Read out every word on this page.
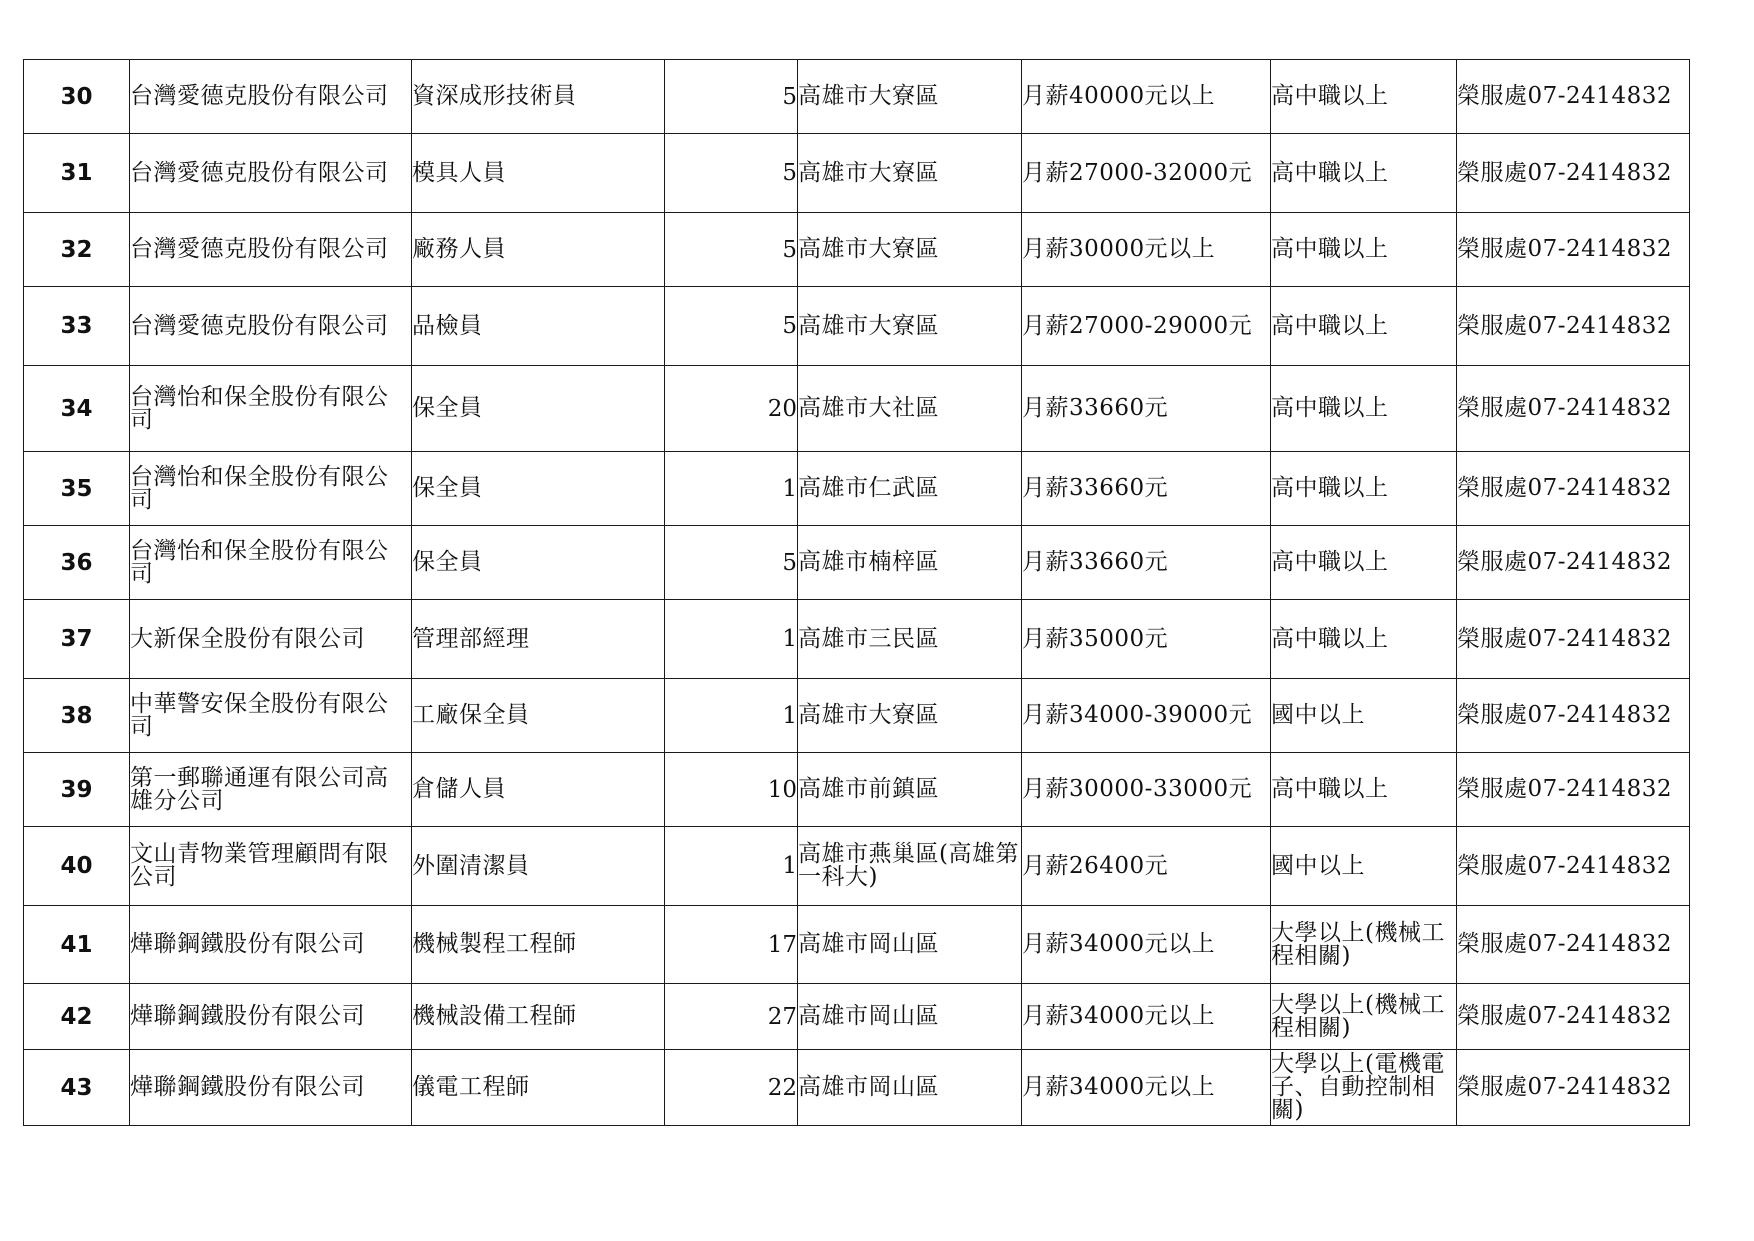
30	台灣愛德克股份有限公司	資深成形技術員	5	高雄市大寮區	月薪40000元以上	高中職以上	榮服處07-2414832
31	台灣愛德克股份有限公司	模具人員	5	高雄市大寮區	月薪27000-32000元	高中職以上	榮服處07-2414832
32	台灣愛德克股份有限公司	廠務人員	5	高雄市大寮區	月薪30000元以上	高中職以上	榮服處07-2414832
33	台灣愛德克股份有限公司	品檢員	5	高雄市大寮區	月薪27000-29000元	高中職以上	榮服處07-2414832
34	台灣怡和保全股份有限公司	保全員	20	高雄市大社區	月薪33660元	高中職以上	榮服處07-2414832
35	台灣怡和保全股份有限公司	保全員	1	高雄市仁武區	月薪33660元	高中職以上	榮服處07-2414832
36	台灣怡和保全股份有限公司	保全員	5	高雄市楠梓區	月薪33660元	高中職以上	榮服處07-2414832
37	大新保全股份有限公司	管理部經理	1	高雄市三民區	月薪35000元	高中職以上	榮服處07-2414832
38	中華警安保全股份有限公司	工廠保全員	1	高雄市大寮區	月薪34000-39000元	國中以上	榮服處07-2414832
39	第一郵聯通運有限公司高雄分公司	倉儲人員	10	高雄市前鎮區	月薪30000-33000元	高中職以上	榮服處07-2414832
40	文山青物業管理顧問有限公司	外圍清潔員	1	高雄市燕巢區(高雄第一科大)	月薪26400元	國中以上	榮服處07-2414832
41	燁聯鋼鐵股份有限公司	機械製程工程師	17	高雄市岡山區	月薪34000元以上	大學以上(機械工程相關)	榮服處07-2414832
42	燁聯鋼鐵股份有限公司	機械設備工程師	27	高雄市岡山區	月薪34000元以上	大學以上(機械工程相關)	榮服處07-2414832
43	燁聯鋼鐵股份有限公司	儀電工程師	22	高雄市岡山區	月薪34000元以上	大學以上(電機電子、自動控制相關)	榮服處07-2414832
